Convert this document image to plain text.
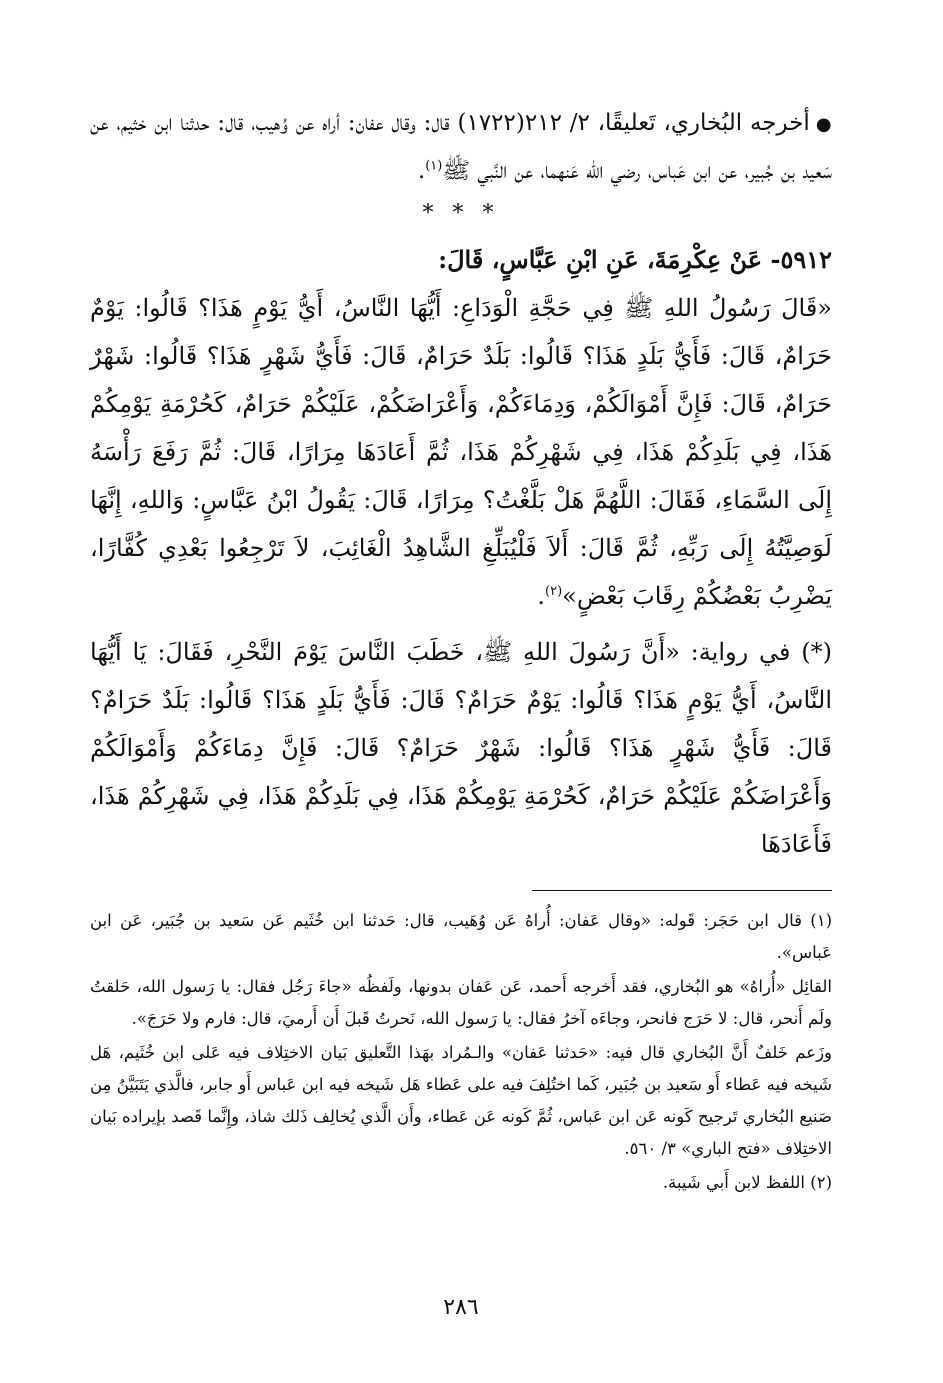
●أخرجه البُخاري، تَعليقًا، ٢/ ٢١٢(١٧٢٢) قال: وقال عفان: أراه عن وُهيب، قال: حدثنا ابن خثيم، عن سَعيد بن جُبير، عن ابن عَباس، رضي الله عَنهما، عن النَّبي ﷺ$^{(١)}$.

* * *
٥٩١٢- عَنْ عِكْرِمَةَ، عَنِ ابْنِ عَبَّاسٍ، قَالَ:

«قَالَ رَسُولُ اللهِ ﷺ فِي حَجَّةِ الْوَدَاعِ: أَيُّهَا النَّاسُ، أَيُّ يَوْمٍ هَذَا؟ قَالُوا: يَوْمٌ حَرَامٌ، قَالَ: فَأَيُّ بَلَدٍ هَذَا؟ قَالُوا: بَلَدٌ حَرَامٌ، قَالَ: فَأَيُّ شَهْرٍ هَذَا؟ قَالُوا: شَهْرٌ حَرَامٌ، قَالَ: فَإِنَّ أَمْوَالَكُمْ، وَدِمَاءَكُمْ، وَأَعْرَاضَكُمْ، عَلَيْكُمْ حَرَامٌ، كَحُرْمَةِ يَوْمِكُمْ هَذَا، فِي بَلَدِكُمْ هَذَا، فِي شَهْرِكُمْ هَذَا، ثُمَّ أَعَادَهَا مِرَارًا، قَالَ: ثُمَّ رَفَعَ رَأْسَهُ إِلَى السَّمَاءِ، فَقَالَ: اللَّهُمَّ هَلْ بَلَّغْتُ؟ مِرَارًا، قَالَ: يَقُولُ ابْنُ عَبَّاسٍ: وَاللهِ، إِنَّهَا لَوَصِيَّتُهُ إِلَى رَبِّهِ، ثُمَّ قَالَ: أَلاَ فَلْيُبَلِّغِ الشَّاهِدُ الْغَائِبَ، لاَ تَرْجِعُوا بَعْدِي كُفَّارًا، يَضْرِبُ بَعْضُكُمْ رِقَابَ بَعْضٍ»$^{(٢)}$.

(*) في رواية: «أَنَّ رَسُولَ اللهِ ﷺ، خَطَبَ النَّاسَ يَوْمَ النَّحْرِ، فَقَالَ: يَا أَيُّهَا النَّاسُ، أَيُّ يَوْمٍ هَذَا؟ قَالُوا: يَوْمٌ حَرَامٌ؟ قَالَ: فَأَيُّ بَلَدٍ هَذَا؟ قَالُوا: بَلَدٌ حَرَامٌ؟ قَالَ: فَأَيُّ شَهْرٍ هَذَا؟ قَالُوا: شَهْرٌ حَرَامٌ؟ قَالَ: فَإِنَّ دِمَاءَكُمْ وَأَمْوَالَكُمْ وَأَعْرَاضَكُمْ عَلَيْكُمْ حَرَامٌ، كَحُرْمَةِ يَوْمِكُمْ هَذَا، فِي بَلَدِكُمْ هَذَا، فِي شَهْرِكُمْ هَذَا، فَأَعَادَهَا

(١) قال ابن حَجَر: قَوله: «وقال عَفان: أُراهُ عَن وُهَيب، قال: حَدثنا ابن خُثَيم عَن سَعيد بن جُبَير، عَن ابن عَباس».

القائِل «أُراهُ» هو البُخاري، فقد أَخرجه أَحمد، عَن عَفان بدونها، ولَفظُه «جاءَ رَجُل فقال: يا رَسول الله، حَلقتُ ولَم أَنحر، قال: لا حَرَج فانحر، وجاءَه آخرُ فقال: يا رَسول الله، نَحرتُ قَبلَ أَن أَرميَ، قال: فارم ولا حَرَجَ».

وزَعم خَلفٌ أَنَّ البُخاري قال فيه: «حَدثنا عَفان» والـمُراد بهَذا التَّعليق بَيان الاختِلاف فيه عَلى ابن خُثَيم، هَل شَيخه فيه عَطاء أَو سَعيد بن جُبَير، كَما اختُلِفَ فيه على عَطاء هَل شَيخه فيه ابن عَباس أَو جابر، فالَّذي يَتَبَيَّنُ مِن صَنيع البُخاري تَرجيح كَونه عَن ابن عَباس، ثُمَّ كَونه عَن عَطاء، وأَن الَّذي يُخالِف ذَلك شاذ، وإِنَّما قَصد بإيراده بَيان الاختِلاف «فتح الباري» ٣/ ٥٦٠.

(٢) اللفظ لابن أَبي شَيبة.

٢٨٦
